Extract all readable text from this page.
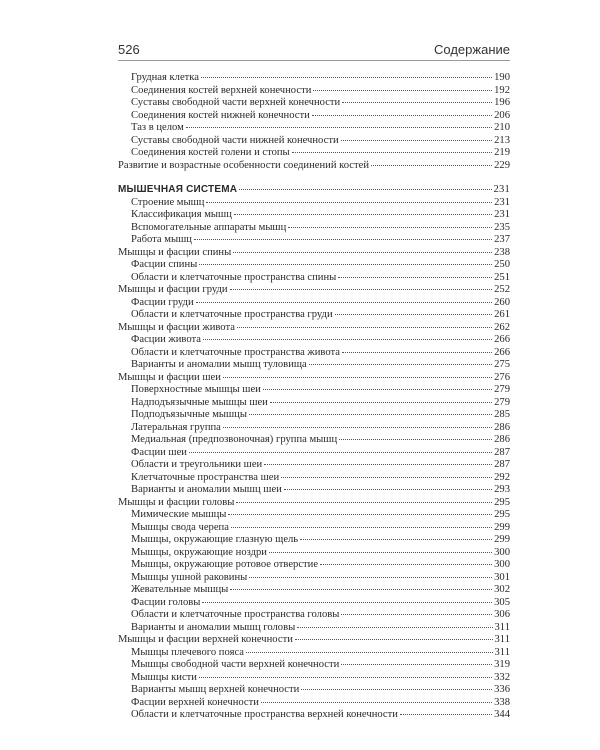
526	Содержание
Грудная клетка	190
Соединения костей верхней конечности	192
Суставы свободной части верхней конечности	196
Соединения костей нижней конечности	206
Таз в целом	210
Суставы свободной части нижней конечности	213
Соединения костей голени и стопы	219
Развитие и возрастные особенности соединений костей	229
МЫШЕЧНАЯ СИСТЕМА	231
Строение мышц	231
Классификация мышц	231
Вспомогательные аппараты мышц	235
Работа мышц	237
Мышцы и фасции спины	238
Фасции спины	250
Области и клетчаточные пространства спины	251
Мышцы и фасции груди	252
Фасции груди	260
Области и клетчаточные пространства груди	261
Мышцы и фасции живота	262
Фасции живота	266
Области и клетчаточные пространства живота	266
Варианты и аномалии мышц туловища	275
Мышцы и фасции шеи	276
Поверхностные мышцы шеи	279
Надподъязычные мышцы шеи	279
Подподъязычные мышцы	285
Латеральная группа	286
Медиальная (предпозвоночная) группа мышц	286
Фасции шеи	287
Области и треугольники шеи	287
Клетчаточные пространства шеи	292
Варианты и аномалии мышц шеи	293
Мышцы и фасции головы	295
Мимические мышцы	295
Мышцы свода черепа	299
Мышцы, окружающие глазную щель	299
Мышцы, окружающие ноздри	300
Мышцы, окружающие ротовое отверстие	300
Мышцы ушной раковины	301
Жевательные мышцы	302
Фасции головы	305
Области и клетчаточные пространства головы	306
Варианты и аномалии мышц головы	311
Мышцы и фасции верхней конечности	311
Мышцы плечевого пояса	311
Мышцы свободной части верхней конечности	319
Мышцы кисти	332
Варианты мышц верхней конечности	336
Фасции верхней конечности	338
Области и клетчаточные пространства верхней конечности	344
